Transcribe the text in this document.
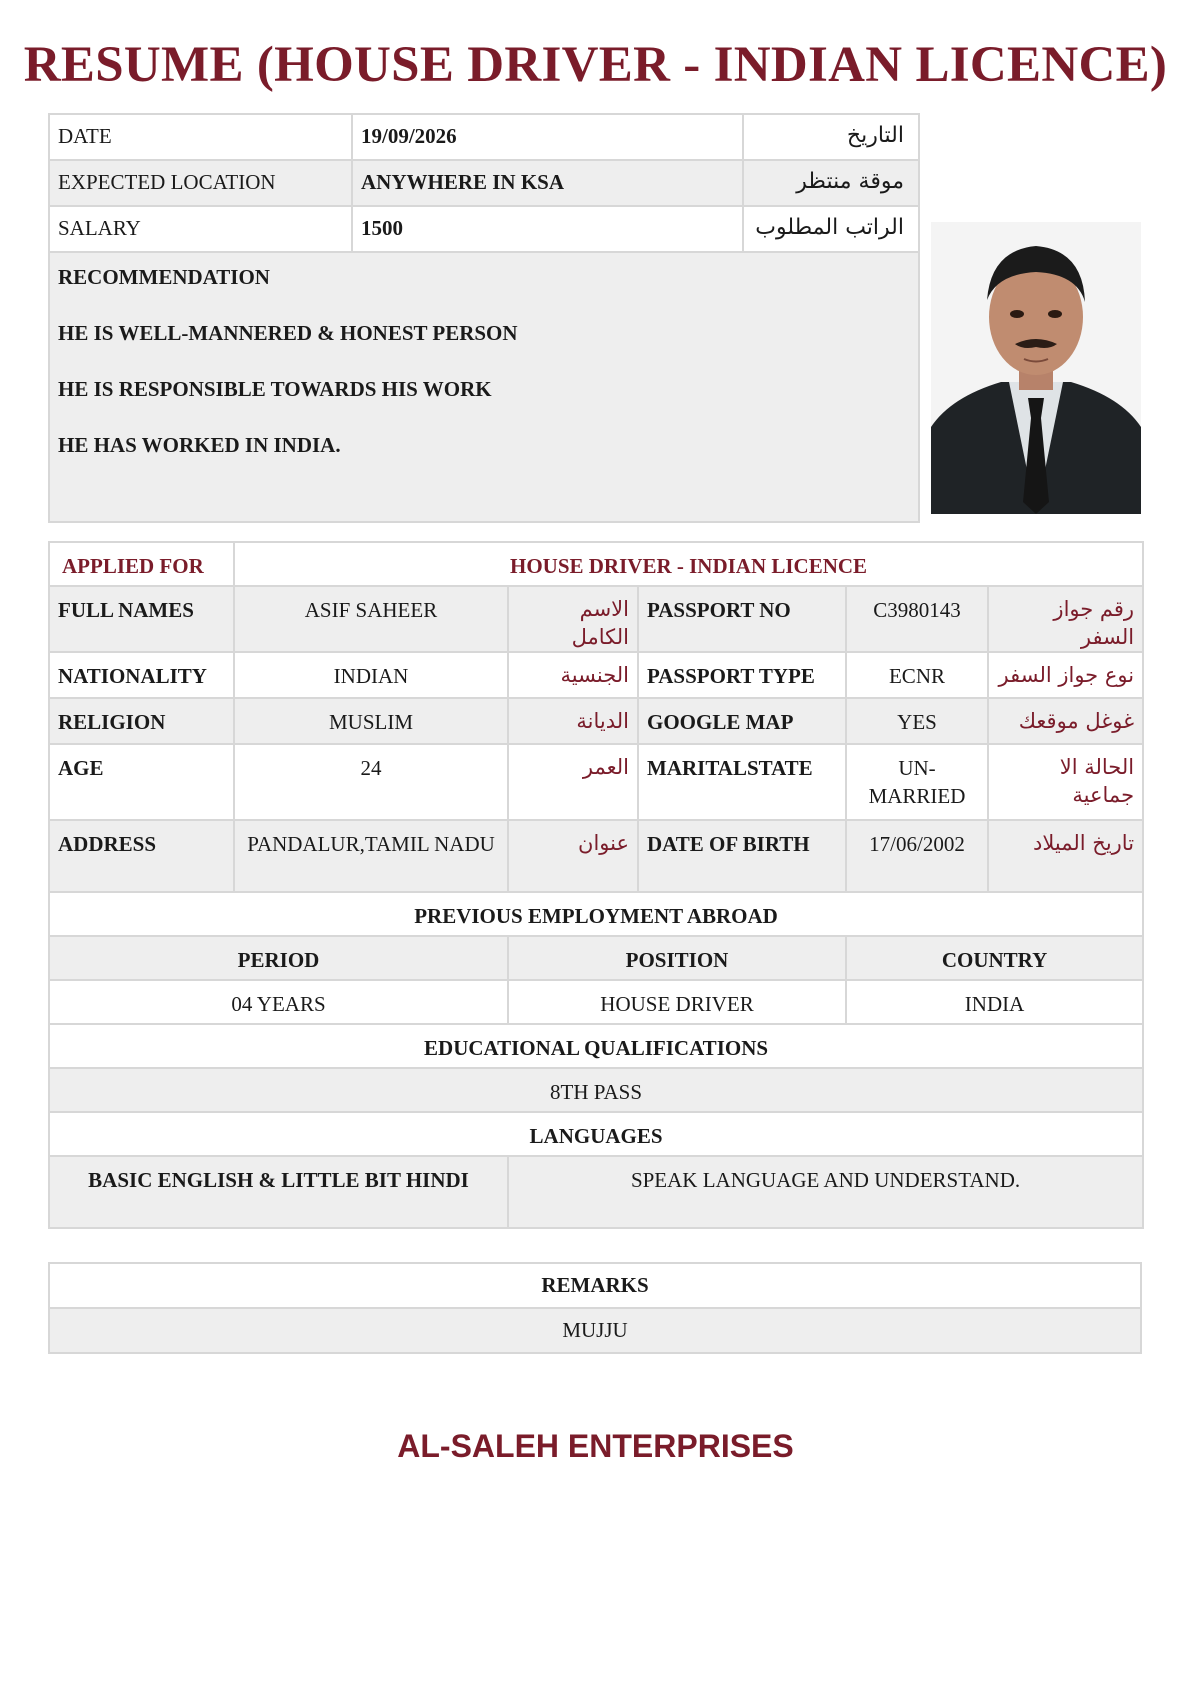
RESUME (HOUSE DRIVER - INDIAN LICENCE)
DATE	19/09/2026	التاريخ
EXPECTED LOCATION	ANYWHERE IN KSA	موقة منتظر
SALARY	1500	الراتب المطلوب

RECOMMENDATION
HE IS WELL-MANNERED & HONEST PERSON
HE IS RESPONSIBLE TOWARDS HIS WORK
HE HAS WORKED IN INDIA.		
APPLIED FOR	HOUSE DRIVER - INDIAN LICENCE				
FULL NAMES	ASIF SAHEER	الاسم الكامل	PASSPORT NO	C3980143	رقم جواز السفر
NATIONALITY	INDIAN	الجنسية	PASSPORT TYPE	ECNR	نوع جواز السفر
RELIGION	MUSLIM	الديانة	GOOGLE MAP	YES	غوغل موقعك
AGE	24	العمر	MARITALSTATE	UN-MARRIED	الحالة الا جماعية
ADDRESS	PANDALUR,TAMIL NADU	عنوان	DATE OF BIRTH	17/06/2002	تاريخ الميلاد
PREVIOUS EMPLOYMENT ABROAD					
PERIOD		POSITION		COUNTRY	
04 YEARS		HOUSE DRIVER		INDIA	
EDUCATIONAL QUALIFICATIONS					
8TH PASS					
LANGUAGES					
BASIC ENGLISH & LITTLE BIT HINDI		SPEAK LANGUAGE AND UNDERSTAND.			
REMARKS
MUJJU
AL-SALEH ENTERPRISES
